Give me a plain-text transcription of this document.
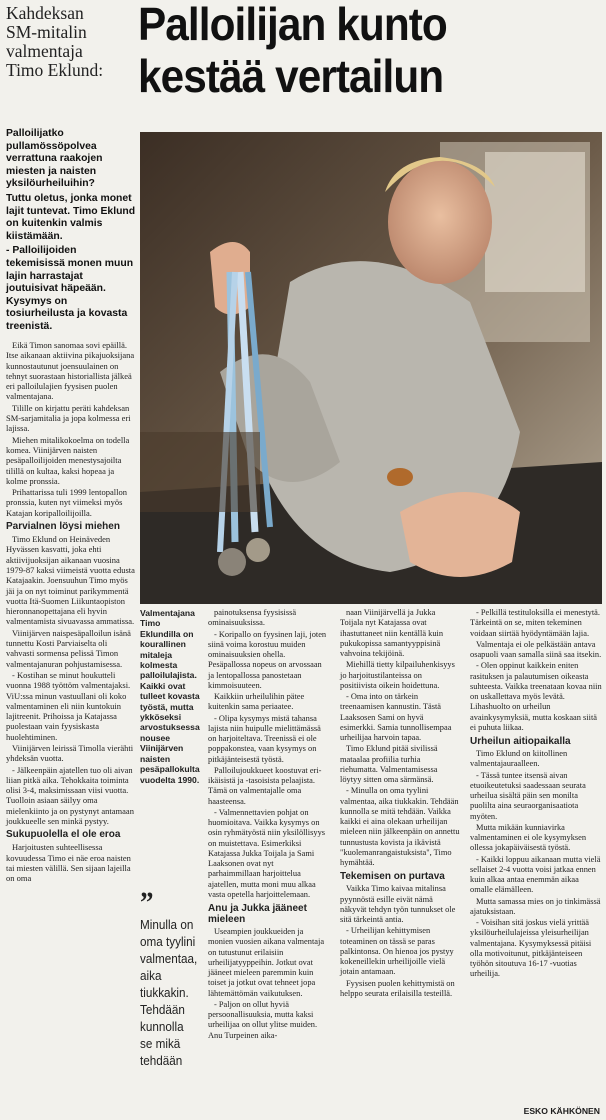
Kahdeksan
SM-mitalin
valmentaja
Timo Eklund:
Palloilijan kunto
kestää vertailun

Palloilijatko pullamössöpolvea verrattuna raakojen miesten ja naisten yksilöurheiluihin?

Tuttu oletus, jonka monet lajit tuntevat. Timo Eklund on kuitenkin valmis kiistämään.

- Palloilijoiden tekemisissä monen muun lajin harrastajat joutuisivat häpeään. Kysymys on tosiurheilusta ja kovasta treenistä.

Eikä Timon sanomaa sovi epäillä. Itse aikanaan aktiivina pikajuoksijana kunnostautunut joensuulainen on tehnyt suorastaan historiallista jälkeä eri palloilulajien fyysisen puolen valmentajana.

Tilille on kirjattu peräti kahdeksan SM-sarjamitalia ja jopa kolmessa eri lajissa.

Miehen mitalikokoelma on todella komea. Viinijärven naisten pesäpalloilijoiden menestysajoilta tilillä on kultaa, kaksi hopeaa ja kolme pronssia.

Prihattarissa tuli 1999 lentopallon pronssia, kuten nyt viimeksi myös Katajan koripalloilijoilla.

Parvialnen löysi miehen

Timo Eklund on Heinäveden Hyvässen kasvatti, joka ehti aktiivijuoksijan aikanaan vuosina 1979-87 kaksi viimeistä vuotta edusta Katajaakin. Joensuuhun Timo myös jäi ja on nyt toiminut parikymmentä vuotta Itä-Suomen Liikuntaopiston hieronnanopettajana eli hyvin valmentamista sivuavassa ammatissa.

Viinijärven naispesäpalloilun isänä tunnettu Kosti Parviaiselta oli vahvasti sormensa pelissä Timon valmentajanuran pohjustamisessa.

- Kostihan se minut houkutteli vuonna 1988 työttöm valmentajaksi. ViU:ssa minun vastuullani oli koko valmentaminen eli niin kuntokuin lajitreenit. Prihoissa ja Katajassa puolestaan vain fyysiskasta huolehtiminen.

Viinijärven leirissä Timolla vierähti yhdeksän vuotta.

- Jälkeenpäin ajatellen tuo oli aivan liian pitkä aika. Tehokkaita toiminta olisi 3-4, maksimissaan viisi vuotta. Tuolloin asiaan säilyy oma mielenkiinto ja on pystynyt antamaan joukkueelle sen minkä pystyy.

Sukupuolella el ole eroa

Harjoitusten suhteellisessa kovuudessa Timo ei näe eroa naisten tai miesten välillä. Sen sijaan lajeilla on oma

Valmentajana Timo Eklundilla on kourallinen mitaleja kolmesta palloilulajista. Kaikki ovat tulleet kovasta työstä, mutta ykköseksi arvostuksessa nousee Viinijärven naisten pesäpallokulta vuodelta 1990.
”
Minulla on
oma tyylini
valmentaa,
aika
tiukkakin.
Tehdään
kunnolla
se mikä
tehdään

painotuksensa fyysisissä ominaisuuksissa.

- Koripallo on fyysinen laji, joten siinä voima korostuu muiden ominaisuuksien ohella. Pesäpallossa nopeus on arvossaan ja lentopallossa panostetaan kimmoisuuteen.

Kaikkiin urheilulihin pätee kuitenkin sama periaatee.

- Olipa kysymys mistä tahansa lajista niin huipulle mielittämässä on harjoiteltava. Treenissä ei ole poppakonstea, vaan kysymys on pitkäjänteisestä työstä.

Palloilujoukkueet koostuvat eri-ikäisistä ja -tasoisista pelaajista. Tämä on valmentajalle oma haasteensa.

- Valmennettavien pohjat on huomioitava. Vaikka kysymys on osin ryhmätyöstä niin yksilöllisyys on muistettava. Esimerkiksi Katajassa Jukka Toijala ja Sami Laaksonen ovat nyt parhaimmillaan harjoittelua ajatellen, mutta moni muu alkaa vasta opetella harjoittelemaan.

Anu ja Jukka jääneet mieleen

Useampien joukkueiden ja monien vuosien aikana valmentaja on tutustunut erilaisiin urheilijatyyppeihin. Jotkut ovat jääneet mieleen paremmin kuin toiset ja jotkut ovat tehneet jopa lähtemättömän vaikutuksen.

- Paljon on ollut hyviä persoonallisuuksia, mutta kaksi urheilijaa on ollut ylitse muiden. Anu Turpeinen aika-

naan Viinijärvellä ja Jukka Toijala nyt Katajassa ovat ihastuttaneet niin kentällä kuin pukukopissa samantyyppisinä vahvoina tekijöinä.

Miehillä tietty kilpailuhenkisyys jo harjoitustilanteissa on positiivista oikein hoidettuna.

- Oma into on tärkein treenaamisen kannustin. Tästä Laaksosen Sami on hyvä esimerkki. Samia tunnollisempaa urheilijaa harvoin tapaa.

Timo Eklund pitää sivilissä mataalaa profiilia turhia riehumatta. Valmentamisessa löytyy sitten oma särmänsä.

- Minulla on oma tyylini valmentaa, aika tiukkakin. Tehdään kunnolla se mitä tehdään. Vaikka kaikki ei aina olekaan urheilijan mieleen niin jälkeenpäin on annettu tunnustusta kovista ja ikävistä "kuolemanrangaistuksista", Timo hymähtää.

Tekemisen on purtava

Vaikka Timo kaivaa mitalinsa pyynnöstä esille eivät nämä näkyvät tehdyn työn tunnukset ole sitä tärkeintä antia.

- Urheilijan kehittymisen toteaminen on tässä se paras palkintonsa. On hienoa jos pystyy kokeneillekin urheilijoille vielä jotain antamaan.

Fyysisen puolen kehittymistä on helppo seurata erilaisilla testeillä.

- Pelkillä testituloksilla ei menestytä. Tärkeintä on se, miten tekeminen voidaan siirtää hyödyntämään lajia.

Valmentaja ei ole pelkästään antava osapuoli vaan samalla siinä saa itsekin.

- Olen oppinut kaikkein eniten rasituksen ja palautumisen oikeasta suhteesta. Vaikka treenataan kovaa niin on uskallettava myös levätä. Lihashuolto on urheilun avainkysymyksiä, mutta koskaan siitä ei puhuta liikaa.

Urheilun aitiopaikalla

Timo Eklund on kiitollinen valmentajauraalleen.

- Tässä tuntee itsensä aivan etuoikeutetuksi saadessaan seurata urheilua sisältä päin sen monilta puolilta aina seuraorganisaatiota myöten.

Mutta mikään kunniavirka valmentaminen ei ole kysymyksen ollessa jokapäiväisestä työstä.

- Kaikki loppuu aikanaan mutta vielä sellaiset 2-4 vuotta voisi jatkaa ennen kuin alkaa antaa enemmän aikaa omalle elämälleen.

Mutta samassa mies on jo tinkimässä ajatuksistaan.

- Voisihan sitä joskus vielä yrittää yksilöurheilulajeissa yleisurheilijan valmentajana. Kysymyksessä pitäisi olla motivoitunut, pitkäjänteiseen työhön sitoutuva 16-17 -vuotias urheilija.

ESKO KÄHKÖNEN
